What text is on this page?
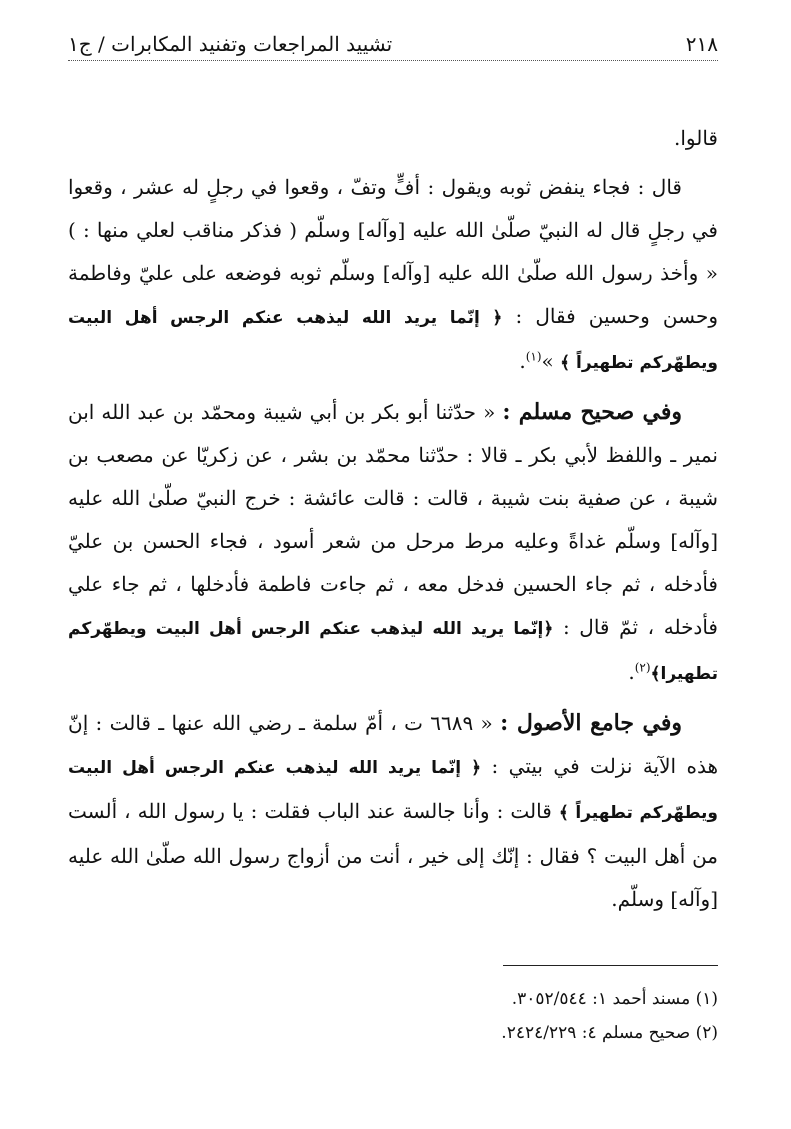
٢١٨
تشييد المراجعات وتفنيد المكابرات / ج١

قالوا.

قال : فجاء ينفض ثوبه ويقول : أفٍّ وتفّ ، وقعوا في رجلٍ له عشر ، وقعوا في رجلٍ قال له النبيّ صلّىٰ الله عليه [وآله] وسلّم ( فذكر مناقب لعلي منها : ) « وأخذ رسول الله صلّىٰ الله عليه [وآله] وسلّم ثوبه فوضعه على عليّ وفاطمة وحسن وحسين فقال : ﴿ إنّما يريد الله ليذهب عنكم الرجس أهل البيت ويطهّركم تطهيراً ﴾ »$^{(١)}$.

وفي صحيح مسلم : « حدّثنا أبو بكر بن أبي شيبة ومحمّد بن عبد الله ابن نمير ـ واللفظ لأبي بكر ـ قالا : حدّثنا محمّد بن بشر ، عن زكريّا عن مصعب بن شيبة ، عن صفية بنت شيبة ، قالت : قالت عائشة : خرج النبيّ صلّىٰ الله عليه [وآله] وسلّم غداةً وعليه مرط مرحل من شعر أسود ، فجاء الحسن بن عليّ فأدخله ، ثم جاء الحسين فدخل معه ، ثم جاءت فاطمة فأدخلها ، ثم جاء علي فأدخله ، ثمّ قال : ﴿إنّما يريد الله ليذهب عنكم الرجس أهل البيت ويطهّركم تطهيرا﴾$^{(٢)}$.

وفي جامع الأصول : « ٦٦٨٩ ت ، أمّ سلمة ـ رضي الله عنها ـ قالت : إنّ هذه الآية نزلت في بيتي : ﴿ إنّما يريد الله ليذهب عنكم الرجس أهل البيت ويطهّركم تطهيراً ﴾ قالت : وأنا جالسة عند الباب فقلت : يا رسول الله ، ألست من أهل البيت ؟ فقال : إنّك إلى خير ، أنت من أزواج رسول الله صلّىٰ الله عليه [وآله] وسلّم.

(١) مسند أحمد ١: ٣٠٥٢/٥٤٤.
(٢) صحيح مسلم ٤: ٢٤٢٤/٢٢٩.
